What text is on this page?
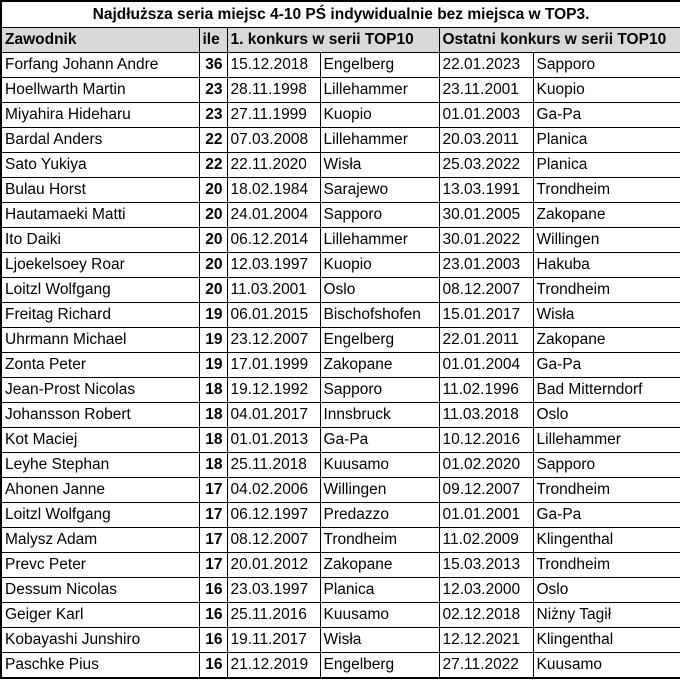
Najdłuższa seria miejsc 4-10 PŚ indywidualnie bez miejsca w TOP3.					
Zawodnik	ile	1. konkurs w serii TOP10		Ostatni konkurs w serii TOP10	
Forfang Johann Andre	36	15.12.2018	Engelberg	22.01.2023	Sapporo
Hoellwarth Martin	23	28.11.1998	Lillehammer	23.11.2001	Kuopio
Miyahira Hideharu	23	27.11.1999	Kuopio	01.01.2003	Ga-Pa
Bardal Anders	22	07.03.2008	Lillehammer	20.03.2011	Planica
Sato Yukiya	22	22.11.2020	Wisła	25.03.2022	Planica
Bulau Horst	20	18.02.1984	Sarajewo	13.03.1991	Trondheim
Hautamaeki Matti	20	24.01.2004	Sapporo	30.01.2005	Zakopane
Ito Daiki	20	06.12.2014	Lillehammer	30.01.2022	Willingen
Ljoekelsoey Roar	20	12.03.1997	Kuopio	23.01.2003	Hakuba
Loitzl Wolfgang	20	11.03.2001	Oslo	08.12.2007	Trondheim
Freitag Richard	19	06.01.2015	Bischofshofen	15.01.2017	Wisła
Uhrmann Michael	19	23.12.2007	Engelberg	22.01.2011	Zakopane
Zonta Peter	19	17.01.1999	Zakopane	01.01.2004	Ga-Pa
Jean-Prost Nicolas	18	19.12.1992	Sapporo	11.02.1996	Bad Mitterndorf
Johansson Robert	18	04.01.2017	Innsbruck	11.03.2018	Oslo
Kot Maciej	18	01.01.2013	Ga-Pa	10.12.2016	Lillehammer
Leyhe Stephan	18	25.11.2018	Kuusamo	01.02.2020	Sapporo
Ahonen Janne	17	04.02.2006	Willingen	09.12.2007	Trondheim
Loitzl Wolfgang	17	06.12.1997	Predazzo	01.01.2001	Ga-Pa
Malysz Adam	17	08.12.2007	Trondheim	11.02.2009	Klingenthal
Prevc Peter	17	20.01.2012	Zakopane	15.03.2013	Trondheim
Dessum Nicolas	16	23.03.1997	Planica	12.03.2000	Oslo
Geiger Karl	16	25.11.2016	Kuusamo	02.12.2018	Niżny Tagił
Kobayashi Junshiro	16	19.11.2017	Wisła	12.12.2021	Klingenthal
Paschke Pius	16	21.12.2019	Engelberg	27.11.2022	Kuusamo
